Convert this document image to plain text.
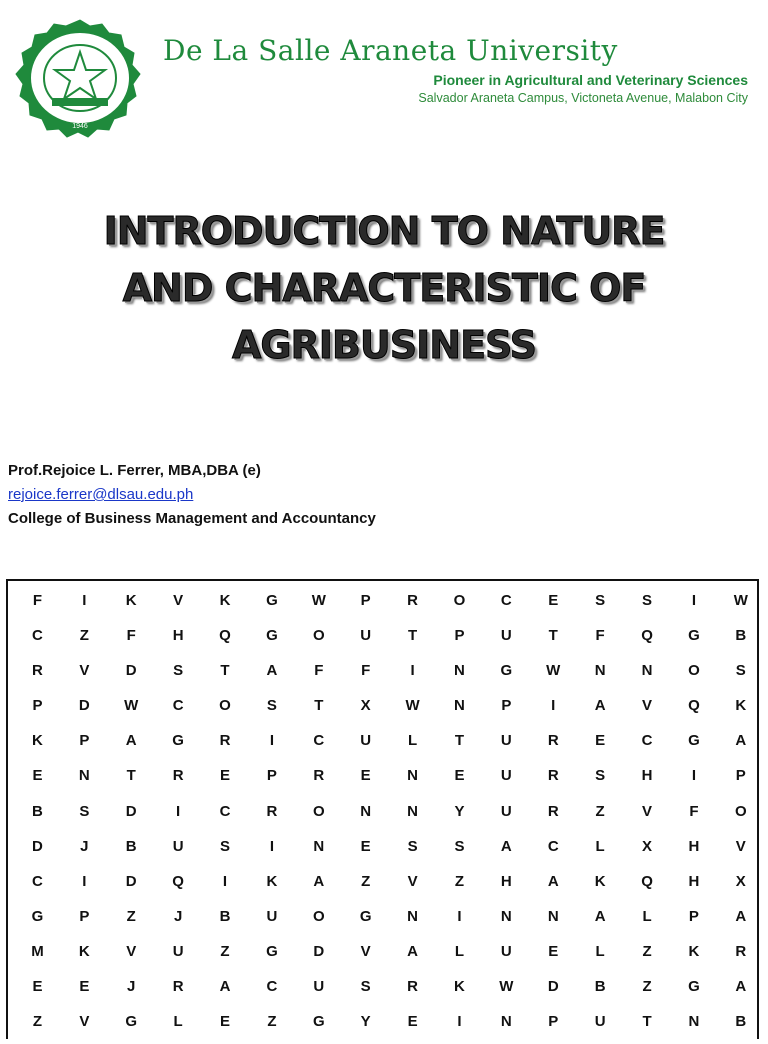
1946
De La Salle Araneta University
Pioneer in Agricultural and Veterinary Sciences
Salvador Araneta Campus, Victoneta Avenue, Malabon City
INTRODUCTION TO NATURE
AND CHARACTERISTIC OF
AGRIBUSINESS
Prof.Rejoice L. Ferrer, MBA,DBA (e)
rejoice.ferrer@dlsau.edu.ph
College of Business Management and Accountancy
F	I	K	V	K	G	W	P	R	O	C	E	S	S	I	W
C	Z	F	H	Q	G	O	U	T	P	U	T	F	Q	G	B
R	V	D	S	T	A	F	F	I	N	G	W	N	N	O	S
P	D	W	C	O	S	T	X	W	N	P	I	A	V	Q	K
K	P	A	G	R	I	C	U	L	T	U	R	E	C	G	A
E	N	T	R	E	P	R	E	N	E	U	R	S	H	I	P
B	S	D	I	C	R	O	N	N	Y	U	R	Z	V	F	O
D	J	B	U	S	I	N	E	S	S	A	C	L	X	H	V
C	I	D	Q	I	K	A	Z	V	Z	H	A	K	Q	H	X
G	P	Z	J	B	U	O	G	N	I	N	N	A	L	P	A
M	K	V	U	Z	G	D	V	A	L	U	E	L	Z	K	R
E	E	J	R	A	C	U	S	R	K	W	D	B	Z	G	A
Z	V	G	L	E	Z	G	Y	E	I	N	P	U	T	N	B
